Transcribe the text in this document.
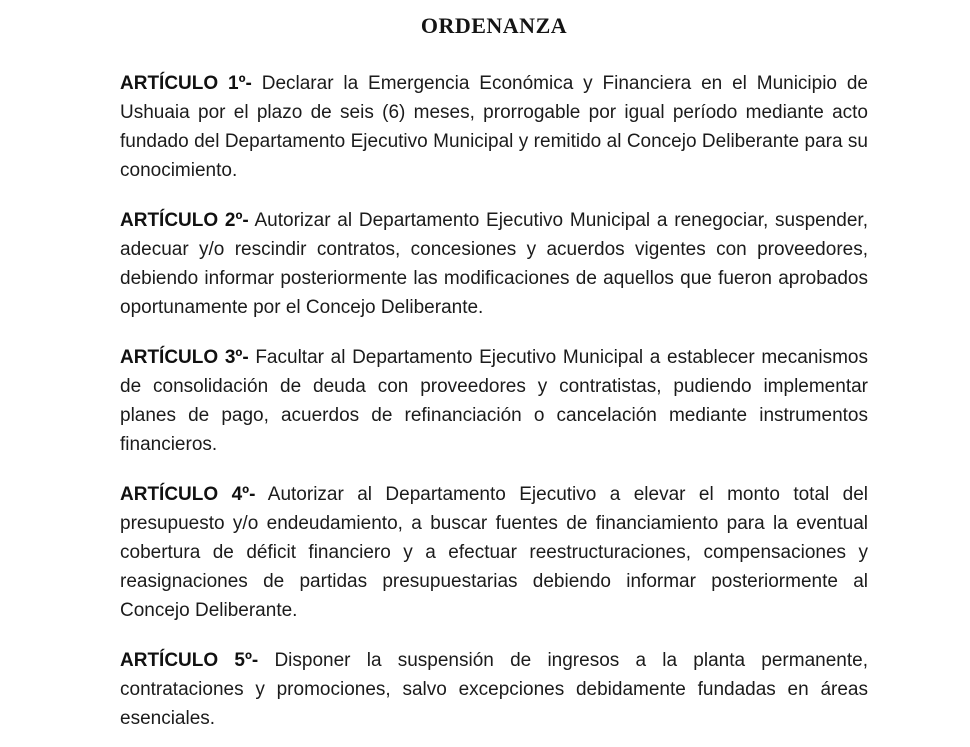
ORDENANZA

ARTÍCULO 1º- Declarar la Emergencia Económica y Financiera en el Municipio de Ushuaia por el plazo de seis (6) meses, prorrogable por igual período mediante acto fundado del Departamento Ejecutivo Municipal y remitido al Concejo Deliberante para su conocimiento.

ARTÍCULO 2º- Autorizar al Departamento Ejecutivo Municipal a renegociar, suspender, adecuar y/o rescindir contratos, concesiones y acuerdos vigentes con proveedores, debiendo informar posteriormente las modificaciones de aquellos que fueron aprobados oportunamente por el Concejo Deliberante.

ARTÍCULO 3º- Facultar al Departamento Ejecutivo Municipal a establecer mecanismos de consolidación de deuda con proveedores y contratistas, pudiendo implementar planes de pago, acuerdos de refinanciación o cancelación mediante instrumentos financieros.

ARTÍCULO 4º- Autorizar al Departamento Ejecutivo a elevar el monto total del presupuesto y/o endeudamiento, a buscar fuentes de financiamiento para la eventual cobertura de déficit financiero y a efectuar reestructuraciones, compensaciones y reasignaciones de partidas presupuestarias debiendo informar posteriormente al Concejo Deliberante.

ARTÍCULO 5º- Disponer la suspensión de ingresos a la planta permanente, contrataciones y promociones, salvo excepciones debidamente fundadas en áreas esenciales.
